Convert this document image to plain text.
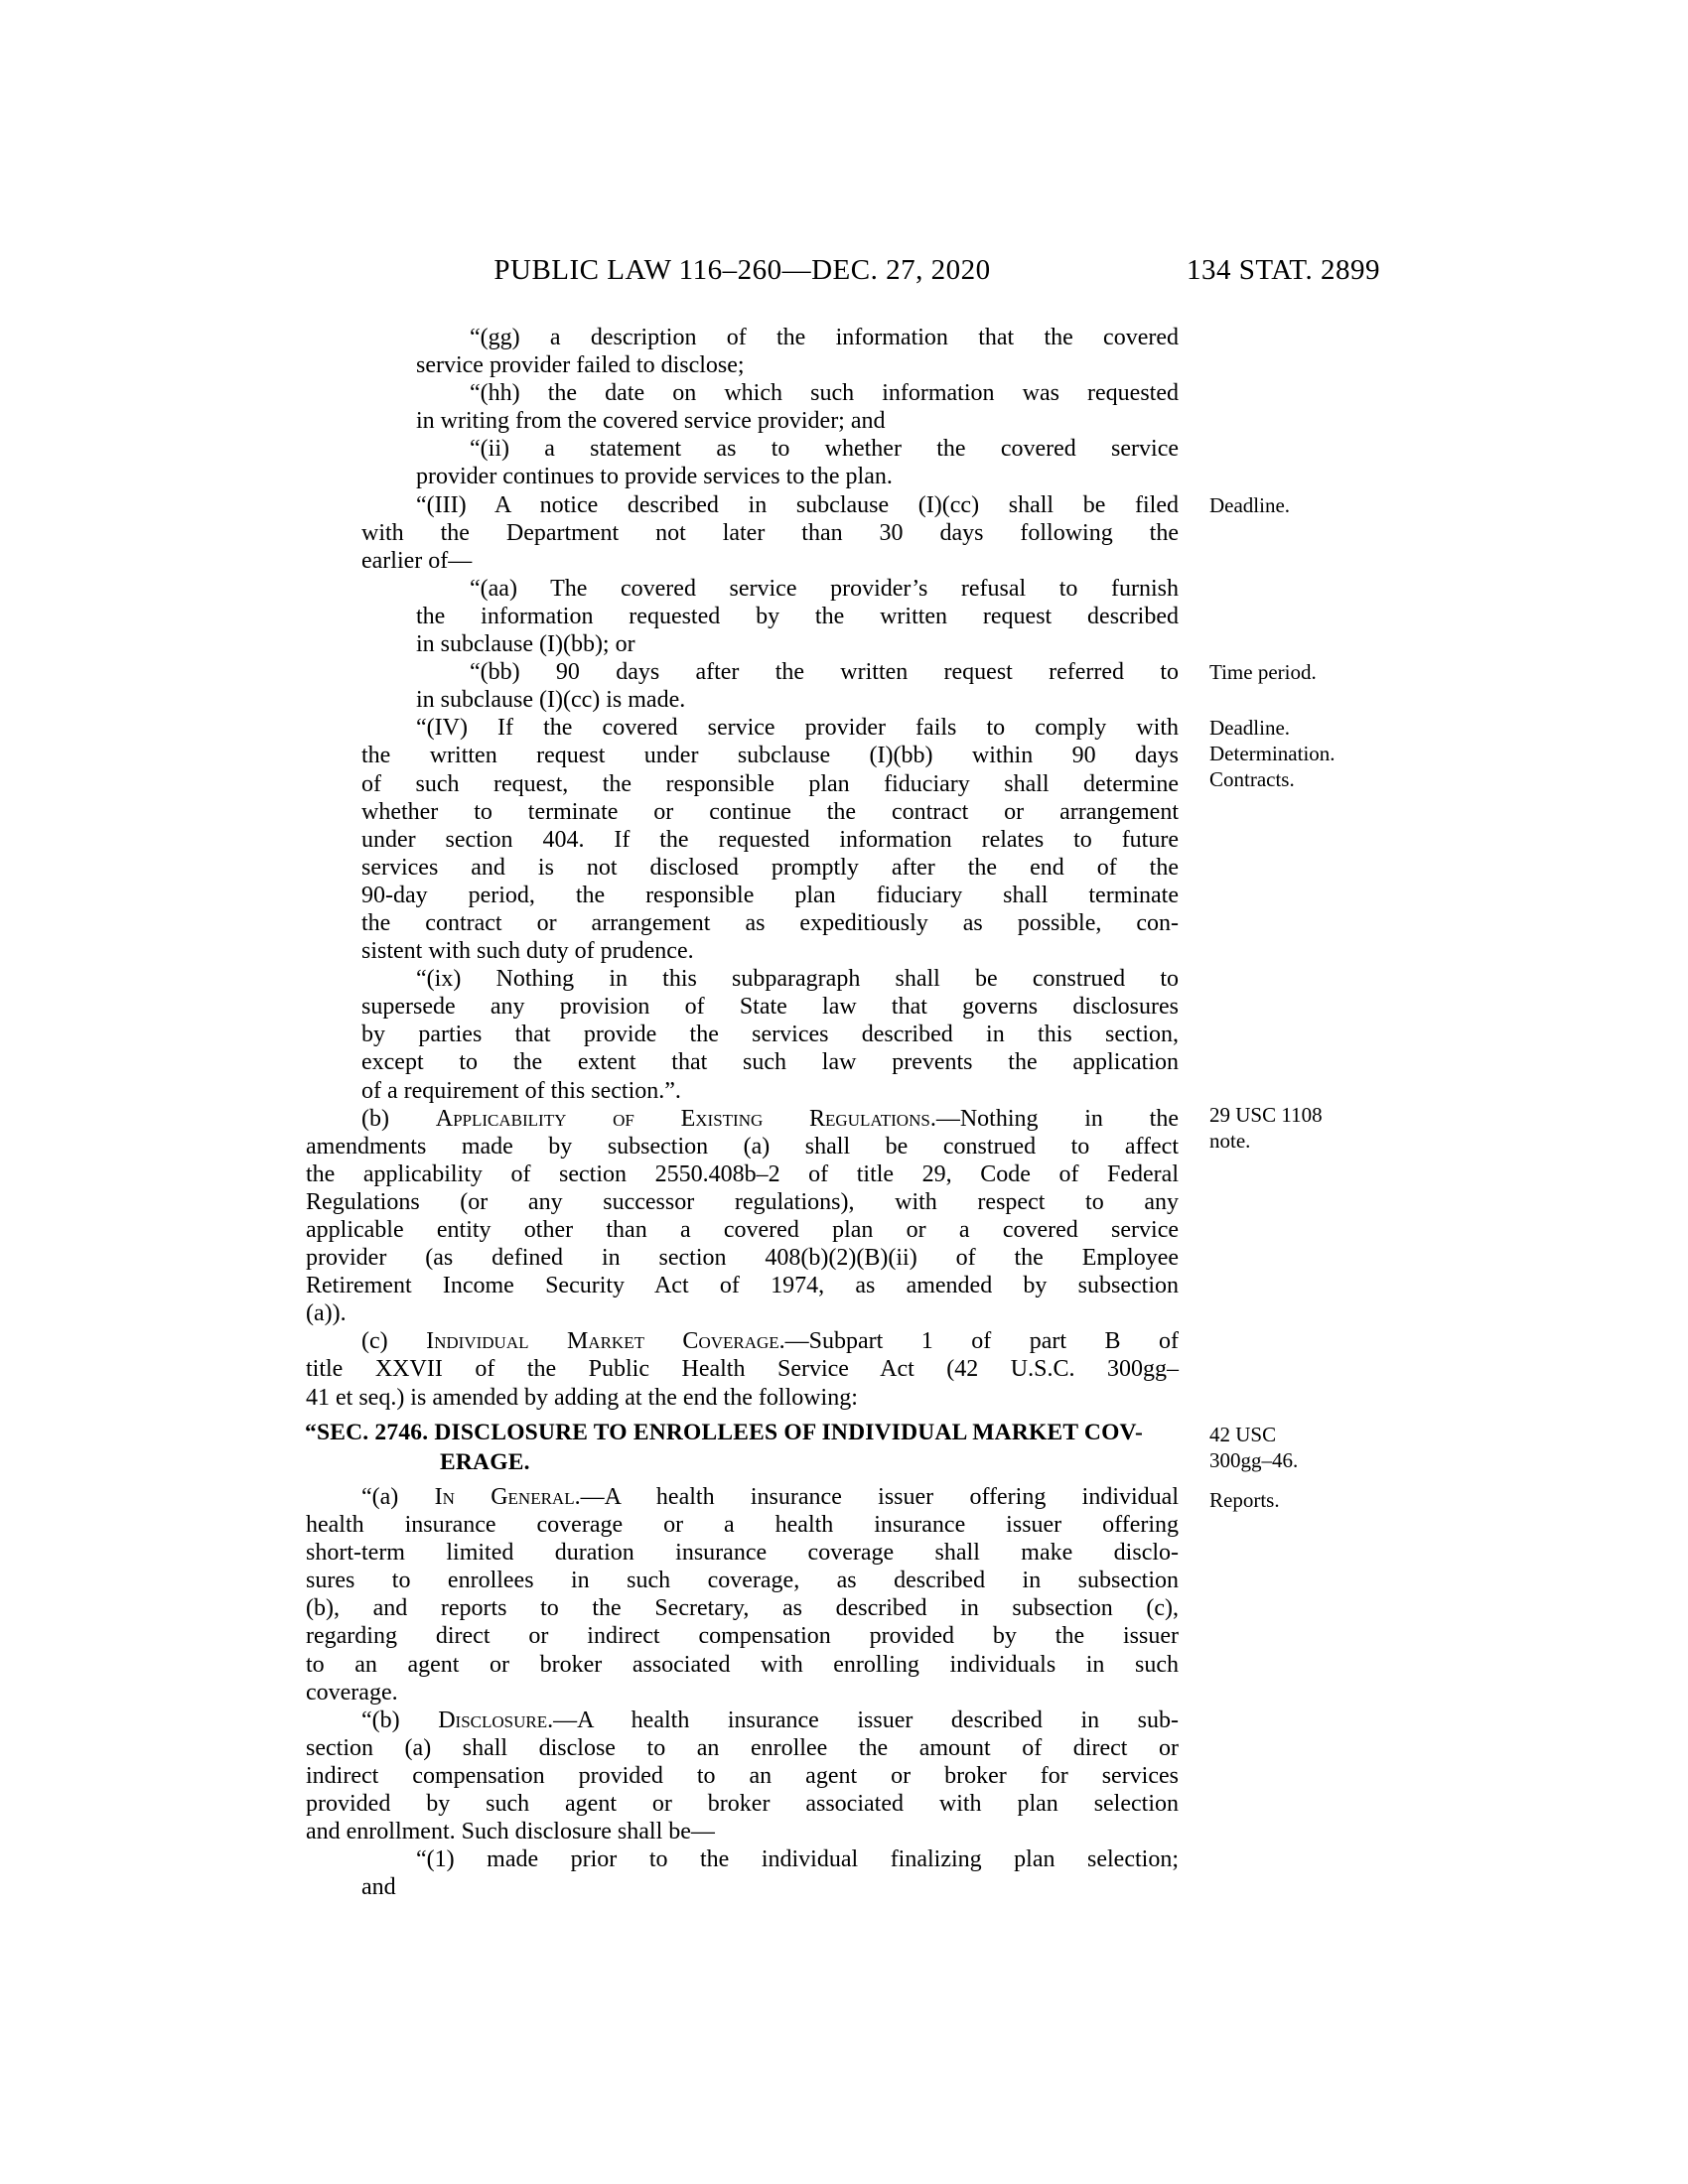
PUBLIC LAW 116–260—DEC. 27, 2020	134 STAT. 2899
“(gg) a description of the information that the covered
service provider failed to disclose;
“(hh) the date on which such information was requested
in writing from the covered service provider; and
“(ii) a statement as to whether the covered service
provider continues to provide services to the plan.
“(III) A notice described in subclause (I)(cc) shall be filed
with the Department not later than 30 days following the
earlier of—
“(aa) The covered service provider’s refusal to furnish
the information requested by the written request described
in subclause (I)(bb); or
“(bb) 90 days after the written request referred to
in subclause (I)(cc) is made.
“(IV) If the covered service provider fails to comply with
the written request under subclause (I)(bb) within 90 days
of such request, the responsible plan fiduciary shall determine
whether to terminate or continue the contract or arrangement
under section 404. If the requested information relates to future
services and is not disclosed promptly after the end of the
90-day period, the responsible plan fiduciary shall terminate
the contract or arrangement as expeditiously as possible, con-
sistent with such duty of prudence.
“(ix) Nothing in this subparagraph shall be construed to
supersede any provision of State law that governs disclosures
by parties that provide the services described in this section,
except to the extent that such law prevents the application
of a requirement of this section.”.
(b) Applicability of Existing Regulations.—Nothing in the
amendments made by subsection (a) shall be construed to affect
the applicability of section 2550.408b–2 of title 29, Code of Federal
Regulations (or any successor regulations), with respect to any
applicable entity other than a covered plan or a covered service
provider (as defined in section 408(b)(2)(B)(ii) of the Employee
Retirement Income Security Act of 1974, as amended by subsection
(a)).
(c) Individual Market Coverage.—Subpart 1 of part B of
title XXVII of the Public Health Service Act (42 U.S.C. 300gg–
41 et seq.) is amended by adding at the end the following:
“SEC. 2746. DISCLOSURE TO ENROLLEES OF INDIVIDUAL MARKET COV-
ERAGE.
“(a) In General.—A health insurance issuer offering individual
health insurance coverage or a health insurance issuer offering
short-term limited duration insurance coverage shall make disclo-
sures to enrollees in such coverage, as described in subsection
(b), and reports to the Secretary, as described in subsection (c),
regarding direct or indirect compensation provided by the issuer
to an agent or broker associated with enrolling individuals in such
coverage.
“(b) Disclosure.—A health insurance issuer described in sub-
section (a) shall disclose to an enrollee the amount of direct or
indirect compensation provided to an agent or broker for services
provided by such agent or broker associated with plan selection
and enrollment. Such disclosure shall be—
“(1) made prior to the individual finalizing plan selection;
and
Deadline.
Time period.
Deadline.
Determination.
Contracts.
29 USC 1108
note.
42 USC
300gg–46.
Reports.
